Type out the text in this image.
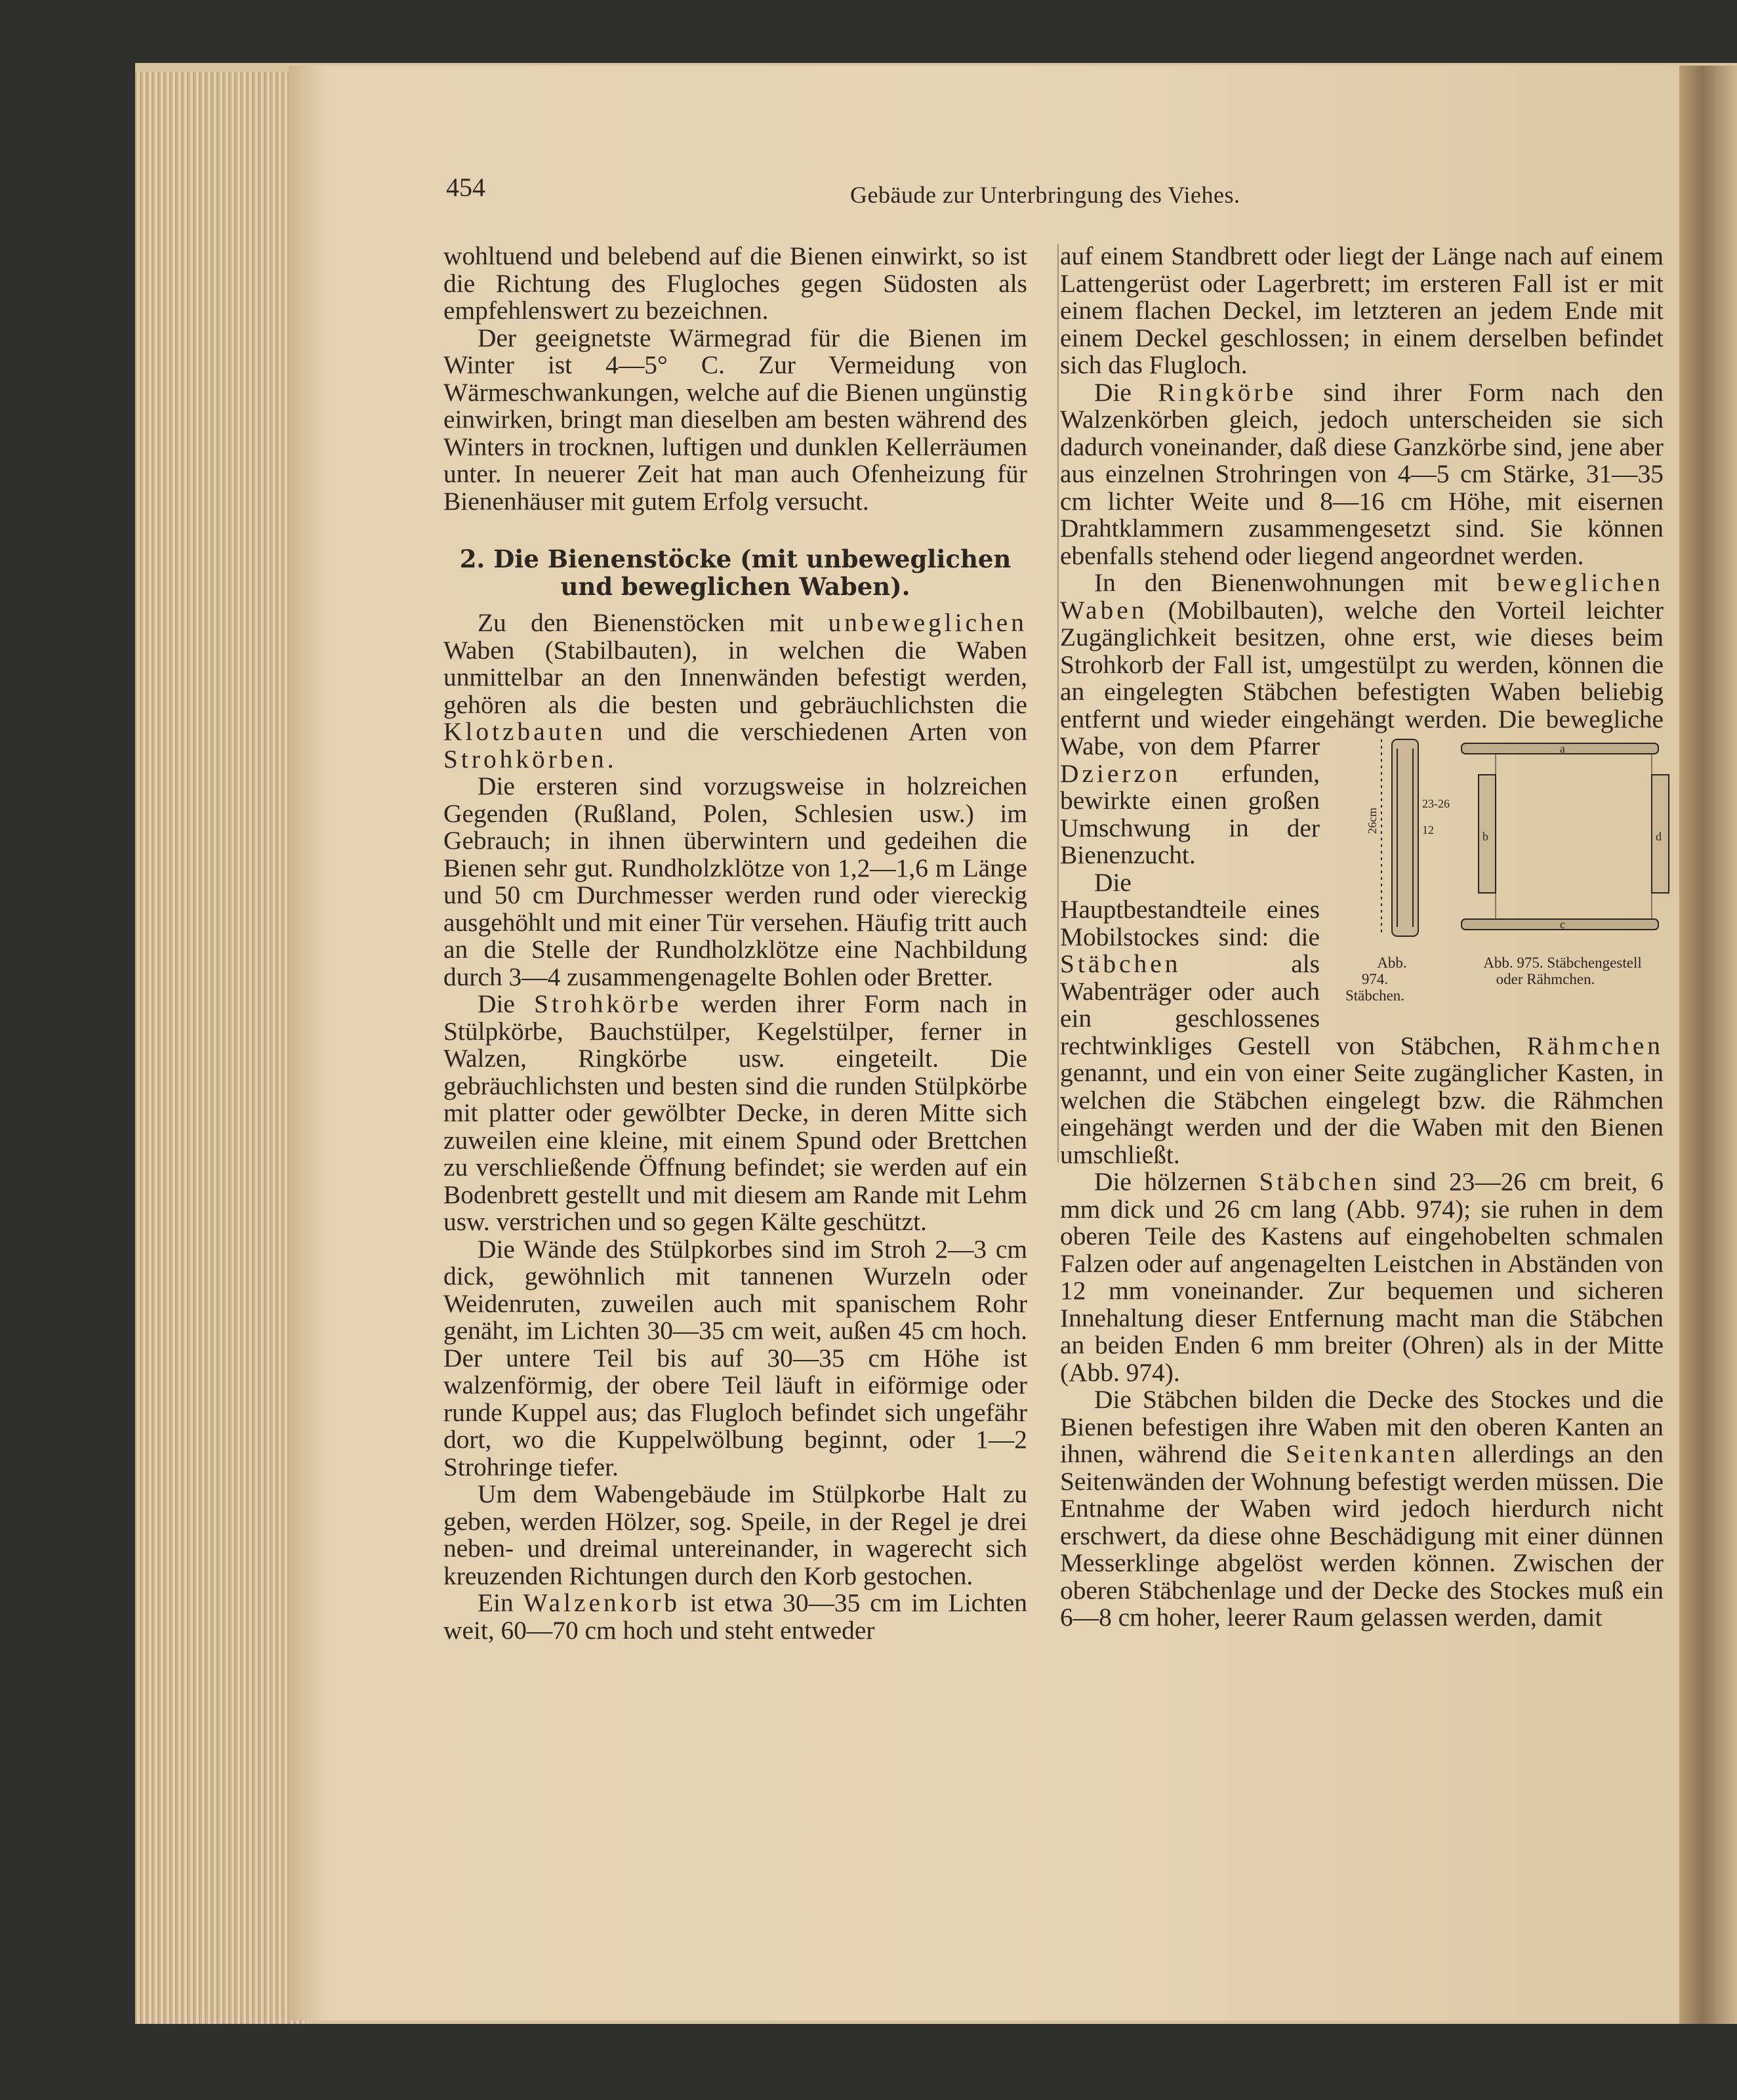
454	Gebäude zur Unterbringung des Viehes.

wohltuend und belebend auf die Bienen einwirkt, so ist die Richtung des Flugloches gegen Südosten als empfehlenswert zu bezeichnen.

Der geeignetste Wärmegrad für die Bienen im Winter ist 4—5° C. Zur Vermeidung von Wärmeschwankungen, welche auf die Bienen ungünstig einwirken, bringt man dieselben am besten während des Winters in trocknen, luftigen und dunklen Kellerräumen unter. In neuerer Zeit hat man auch Ofenheizung für Bienenhäuser mit gutem Erfolg versucht.

2. Die Bienenstöcke (mit unbeweglichen und beweglichen Waben).

Zu den Bienenstöcken mit unbeweglichen Waben (Stabilbauten), in welchen die Waben unmittelbar an den Innenwänden befestigt werden, gehören als die besten und gebräuchlichsten die Klotzbauten und die verschiedenen Arten von Strohkörben.

Die ersteren sind vorzugsweise in holzreichen Gegenden (Rußland, Polen, Schlesien usw.) im Gebrauch; in ihnen überwintern und gedeihen die Bienen sehr gut. Rundholzklötze von 1,2—1,6 m Länge und 50 cm Durchmesser werden rund oder viereckig ausgehöhlt und mit einer Tür versehen. Häufig tritt auch an die Stelle der Rundholzklötze eine Nachbildung durch 3—4 zusammengenagelte Bohlen oder Bretter.

Die Strohkörbe werden ihrer Form nach in Stülpkörbe, Bauchstülper, Kegelstülper, ferner in Walzen, Ringkörbe usw. eingeteilt. Die gebräuchlichsten und besten sind die runden Stülpkörbe mit platter oder gewölbter Decke, in deren Mitte sich zuweilen eine kleine, mit einem Spund oder Brettchen zu verschließende Öffnung befindet; sie werden auf ein Bodenbrett gestellt und mit diesem am Rande mit Lehm usw. verstrichen und so gegen Kälte geschützt.

Die Wände des Stülpkorbes sind im Stroh 2—3 cm dick, gewöhnlich mit tannenen Wurzeln oder Weidenruten, zuweilen auch mit spanischem Rohr genäht, im Lichten 30—35 cm weit, außen 45 cm hoch. Der untere Teil bis auf 30—35 cm Höhe ist walzenförmig, der obere Teil läuft in eiförmige oder runde Kuppel aus; das Flugloch befindet sich ungefähr dort, wo die Kuppelwölbung beginnt, oder 1—2 Strohringe tiefer.

Um dem Wabengebäude im Stülpkorbe Halt zu geben, werden Hölzer, sog. Speile, in der Regel je drei neben- und dreimal untereinander, in wagerecht sich kreuzenden Richtungen durch den Korb gestochen.

Ein Walzenkorb ist etwa 30—35 cm im Lichten weit, 60—70 cm hoch und steht entweder

auf einem Standbrett oder liegt der Länge nach auf einem Lattengerüst oder Lagerbrett; im ersteren Fall ist er mit einem flachen Deckel, im letzteren an jedem Ende mit einem Deckel geschlossen; in einem derselben befindet sich das Flugloch.

Die Ringkörbe sind ihrer Form nach den Walzenkörben gleich, jedoch unterscheiden sie sich dadurch voneinander, daß diese Ganzkörbe sind, jene aber aus einzelnen Strohringen von 4—5 cm Stärke, 31—35 cm lichter Weite und 8—16 cm Höhe, mit eisernen Drahtklammern zusammengesetzt sind. Sie können ebenfalls stehend oder liegend angeordnet werden.

In den Bienenwohnungen mit beweglichen Waben (Mobilbauten), welche den Vorteil leichter Zugänglichkeit besitzen, ohne erst, wie dieses beim Strohkorb der Fall ist, umgestülpt zu werden, können die an eingelegten Stäbchen befestigten Waben beliebig entfernt und wieder eingehängt werden. Die bewegliche Wabe, von dem Pfarrer
26cm
23-26
12
a
b
c
d
Abb. 974.
Stäbchen.
Abb. 975. Stäbchengestell
oder Rähmchen.
Dzierzon erfunden, bewirkte einen großen Umschwung in der Bienenzucht.

Die Hauptbestandteile eines Mobilstockes sind: die Stäbchen	als Wabenträger oder auch ein geschlossenes rechtwinkliges Gestell von Stäbchen, Rähmchen genannt, und ein von einer Seite zugänglicher Kasten, in welchen die Stäbchen eingelegt bzw. die Rähmchen eingehängt werden und der die Waben mit den Bienen umschließt.

Die hölzernen Stäbchen sind 23—26 cm breit, 6 mm dick und 26 cm lang (Abb. 974); sie ruhen in dem oberen Teile des Kastens auf eingehobelten schmalen Falzen oder auf angenagelten Leistchen in Abständen von 12 mm voneinander. Zur bequemen und sicheren Innehaltung dieser Entfernung macht man die Stäbchen an beiden Enden 6 mm breiter (Ohren) als in der Mitte (Abb. 974).

Die Stäbchen bilden die Decke des Stockes und die Bienen befestigen ihre Waben mit den oberen Kanten an ihnen, während die Seitenkanten allerdings an den Seitenwänden der Wohnung befestigt werden müssen. Die Entnahme der Waben wird jedoch hierdurch nicht erschwert, da diese ohne Beschädigung mit einer dünnen Messerklinge abgelöst werden können. Zwischen der oberen Stäbchenlage und der Decke des Stockes muß ein 6—8 cm hoher, leerer Raum gelassen werden, damit
